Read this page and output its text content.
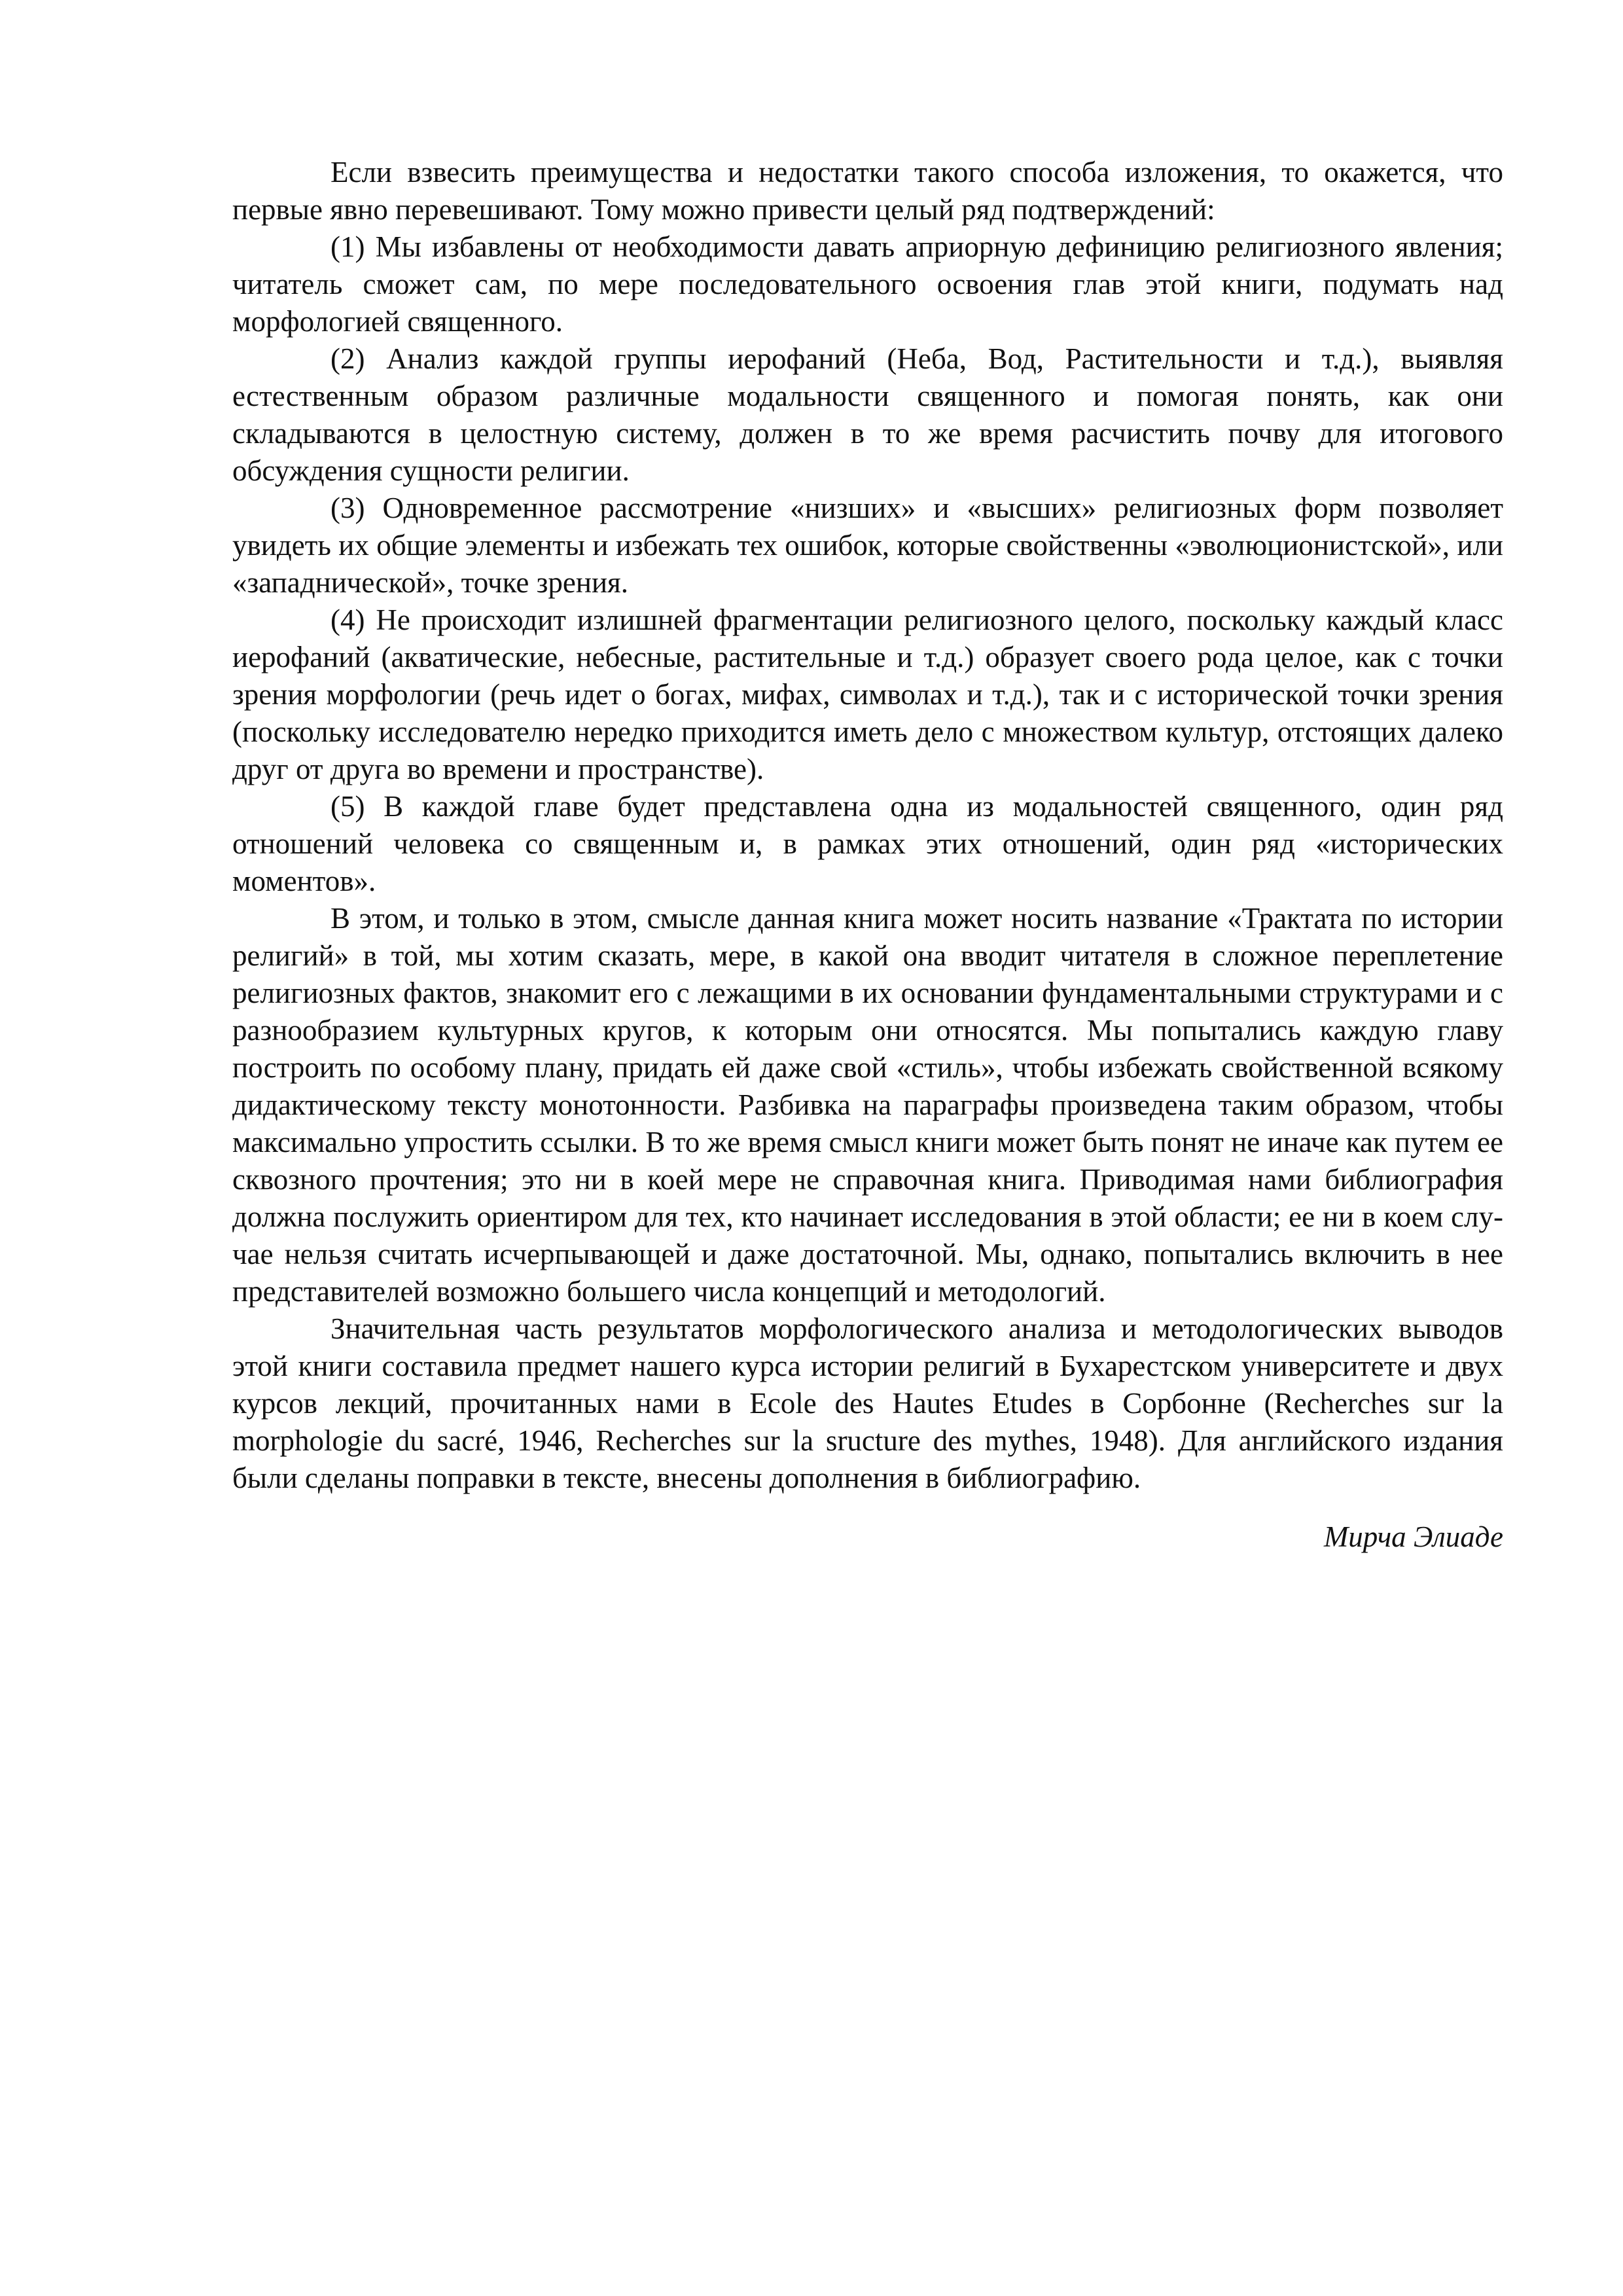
Если взвесить преимущества и недостатки такого способа изложения, то окажется, что первые явно перевешивают. Тому можно привести целый ряд подтверждений:

(1) Мы избавлены от необходимости давать априорную дефиницию религиозного явления; читатель сможет сам, по мере последовательного освоения глав этой книги, подумать над морфологией священного.

(2) Анализ каждой группы иерофаний (Неба, Вод, Растительности и т.д.), выявляя естественным образом различные модальности священного и помогая понять, как они складываются в целостную систему, должен в то же время расчистить почву для итогового обсуждения сущности религии.

(3) Одновременное рассмотрение «низших» и «высших» религиозных форм позволяет увидеть их общие элементы и избежать тех ошибок, которые свойственны «эволюционистской», или «западнической», точке зрения.

(4) Не происходит излишней фрагментации религиозного целого, поскольку каждый класс иерофаний (акватические, небесные, растительные и т.д.) образует своего рода целое, как с точки зрения морфологии (речь идет о богах, мифах, символах и т.д.), так и с исторической точки зрения (поскольку исследователю нередко приходится иметь дело с множеством культур, отстоящих далеко друг от друга во времени и пространстве).

(5) В каждой главе будет представлена одна из модальностей священного, один ряд отношений человека со священным и, в рамках этих отношений, один ряд «исторических моментов».

В этом, и только в этом, смысле данная книга может носить название «Трактата по истории религий» в той, мы хотим сказать, мере, в какой она вводит читателя в сложное переплетение религиозных фактов, знакомит его с лежащими в их основании фундаментальными структурами и с разнообразием культурных кругов, к которым они относятся. Мы попытались каждую главу построить по особому плану, придать ей даже свой «стиль», чтобы избежать свойственной всякому дидактическому тексту монотонности. Разбивка на параграфы произведена таким образом, чтобы максимально упростить ссылки. В то же время смысл книги может быть понят не иначе как путем ее сквозного прочтения; это ни в коей мере не справочная книга. Приводимая нами библиография должна послужить ориентиром для тех, кто начинает исследования в этой области; ее ни в коем случае нельзя считать исчерпывающей и даже достаточной. Мы, однако, попытались включить в нее представителей возможно большего числа концепций и методологий.

Значительная часть результатов морфологического анализа и методологических выводов этой книги составила предмет нашего курса истории религий в Бухарестском университете и двух курсов лекций, прочитанных нами в Ecole des Hautes Etudes в Сорбонне (Recherches sur la morphologie du sacré, 1946, Recherches sur la sructure des mythes, 1948). Для английского издания были сделаны поправки в тексте, внесены дополнения в библиографию.

Мирча Элиаде
